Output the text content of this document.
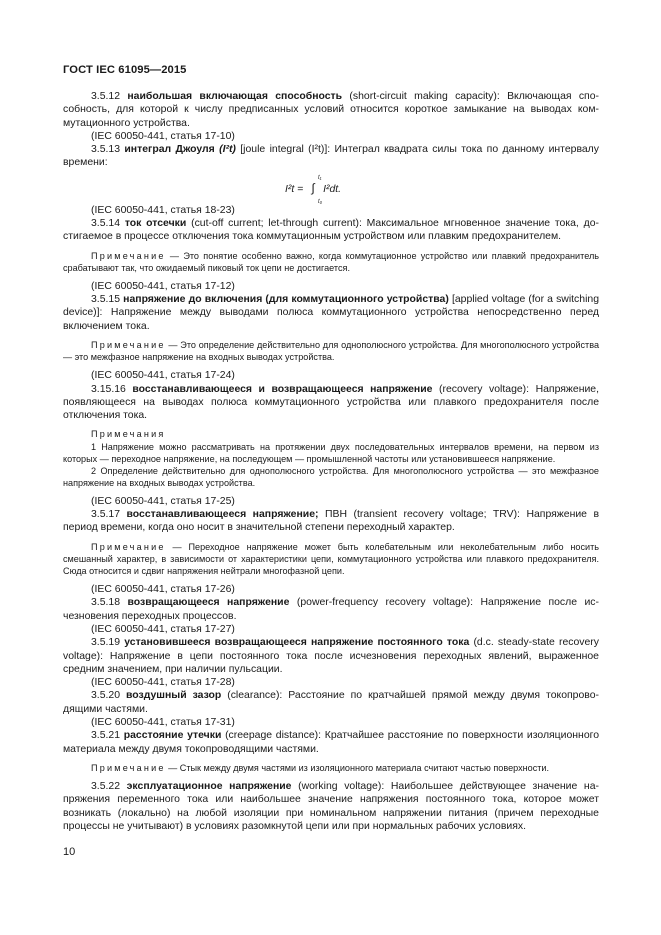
ГОСТ IEC 61095—2015

3.5.12 наибольшая включающая способность (short-circuit making capacity): Включающая способность, для которой к числу предписанных условий относится короткое замыкание на выводах коммутационного устройства.

(IEC 60050-441, статья 17-10)

3.5.13 интеграл Джоуля (I²t) [joule integral (I²t)]: Интеграл квадрата силы тока по данному интервалу времени:

t₁
I²t = ∫ I²dt.
t₀

(IEC 60050-441, статья 18-23)

3.5.14 ток отсечки (cut-off current; let-through current): Максимальное мгновенное значение тока, достигаемое в процессе отключения тока коммутационным устройством или плавким предохранителем.

Примечание — Это понятие особенно важно, когда коммутационное устройство или плавкий предохранитель срабатывают так, что ожидаемый пиковый ток цепи не достигается.

(IEC 60050-441, статья 17-12)

3.5.15 напряжение до включения (для коммутационного устройства) [applied voltage (for a switching device)]: Напряжение между выводами полюса коммутационного устройства непосредственно перед включением тока.

Примечание — Это определение действительно для однополюсного устройства. Для многополюсного устройства — это межфазное напряжение на входных выводах устройства.

(IEC 60050-441, статья 17-24)

3.15.16 восстанавливающееся и возвращающееся напряжение (recovery voltage): Напряжение, появляющееся на выводах полюса коммутационного устройства или плавкого предохранителя после отключения тока.

Примечания

1 Напряжение можно рассматривать на протяжении двух последовательных интервалов времени, на первом из которых — переходное напряжение, на последующем — промышленной частоты или установившееся напряжение.

2 Определение действительно для однополюсного устройства. Для многополюсного устройства — это межфазное напряжение на входных выводах устройства.

(IEC 60050-441, статья 17-25)

3.5.17 восстанавливающееся напряжение; ПВН (transient recovery voltage; TRV): Напряжение в период времени, когда оно носит в значительной степени переходный характер.

Примечание — Переходное напряжение может быть колебательным или неколебательным либо носить смешанный характер, в зависимости от характеристики цепи, коммутационного устройства или плавкого предохранителя. Сюда относится и сдвиг напряжения нейтрали многофазной цепи.

(IEC 60050-441, статья 17-26)

3.5.18 возвращающееся напряжение (power-frequency recovery voltage): Напряжение после исчезновения переходных процессов.

(IEC 60050-441, статья 17-27)

3.5.19 установившееся возвращающееся напряжение постоянного тока (d.c. steady-state recovery voltage): Напряжение в цепи постоянного тока после исчезновения переходных явлений, выраженное средним значением, при наличии пульсации.

(IEC 60050-441, статья 17-28)

3.5.20 воздушный зазор (clearance): Расстояние по кратчайшей прямой между двумя токопроводящими частями.

(IEC 60050-441, статья 17-31)

3.5.21 расстояние утечки (creepage distance): Кратчайшее расстояние по поверхности изоляционного материала между двумя токопроводящими частями.

Примечание — Стык между двумя частями из изоляционного материала считают частью поверхности.

3.5.22 эксплуатационное напряжение (working voltage): Наибольшее действующее значение напряжения переменного тока или наибольшее значение напряжения постоянного тока, которое может возникать (локально) на любой изоляции при номинальном напряжении питания (причем переходные процессы не учитывают) в условиях разомкнутой цепи или при нормальных рабочих условиях.

10
